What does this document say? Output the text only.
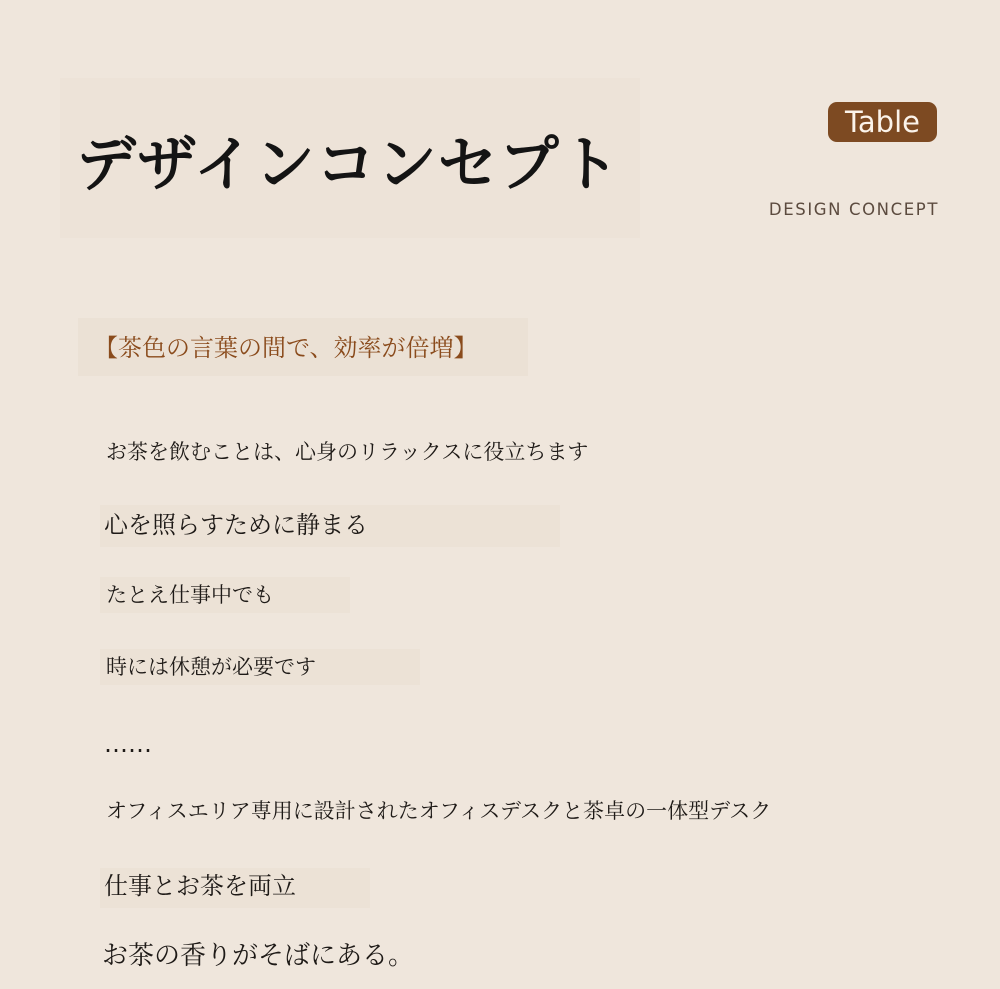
デザインコンセプト
Table
DESIGN CONCEPT
【茶色の言葉の間で、効率が倍増】

お茶を飲むことは、心身のリラックスに役立ちます

心を照らすために静まる

たとえ仕事中でも

時には休憩が必要です

……

オフィスエリア専用に設計されたオフィスデスクと茶卓の一体型デスク

仕事とお茶を両立

お茶の香りがそばにある。
